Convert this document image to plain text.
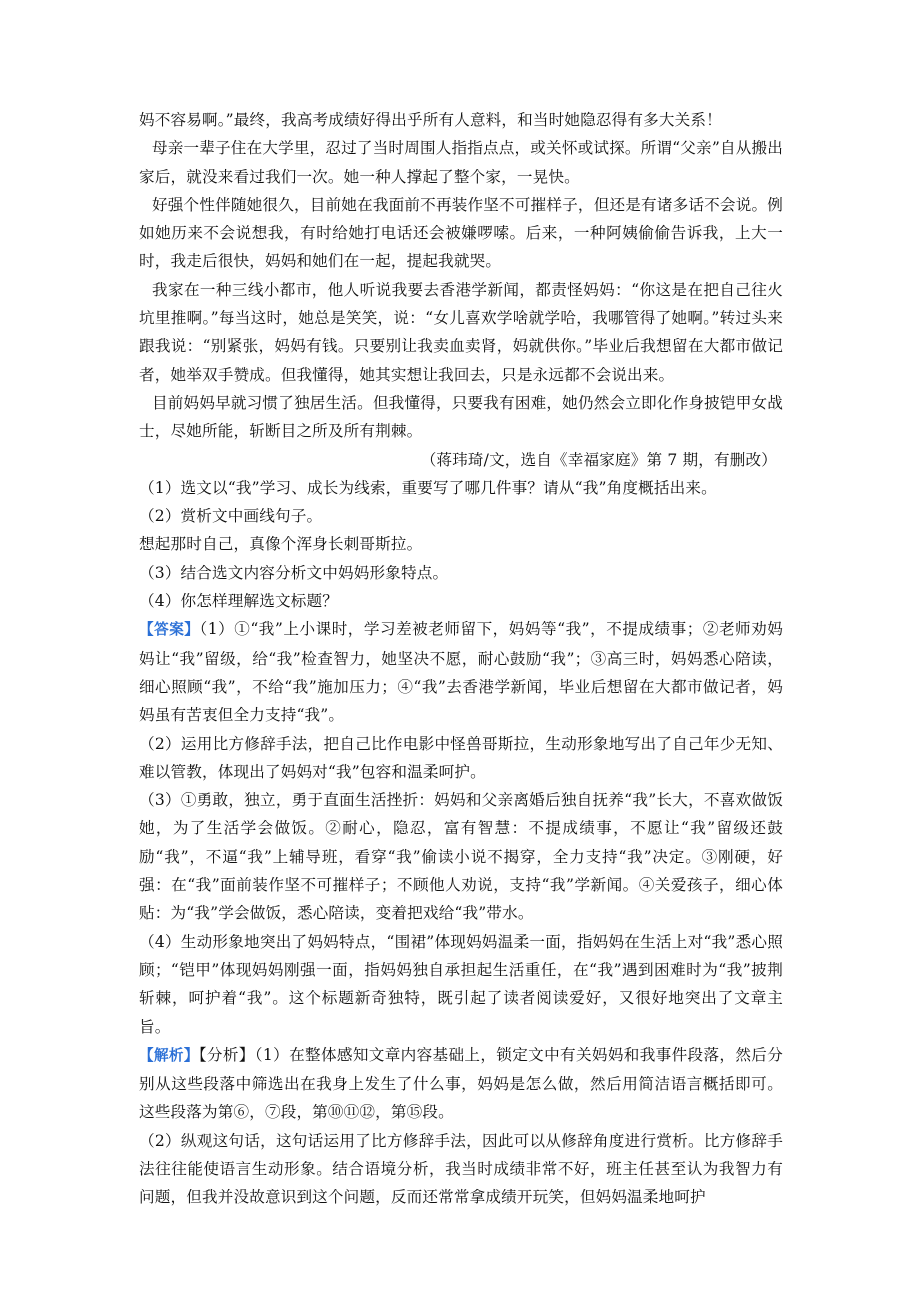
妈不容易啊。”最终，我高考成绩好得出乎所有人意料，和当时她隐忍得有多大关系！

母亲一辈子住在大学里，忍过了当时周围人指指点点，或关怀或试探。所谓“父亲”自从搬出家后，就没来看过我们一次。她一种人撑起了整个家，一晃快。

好强个性伴随她很久，目前她在我面前不再装作坚不可摧样子，但还是有诸多话不会说。例如她历来不会说想我，有时给她打电话还会被嫌啰嗦。后来，一种阿姨偷偷告诉我，上大一时，我走后很快，妈妈和她们在一起，提起我就哭。

我家在一种三线小都市，他人听说我要去香港学新闻，都责怪妈妈：“你这是在把自己往火坑里推啊。”每当这时，她总是笑笑，说：“女儿喜欢学啥就学哈，我哪管得了她啊。”转过头来跟我说：“别紧张，妈妈有钱。只要别让我卖血卖肾，妈就供你。”毕业后我想留在大都市做记者，她举双手赞成。但我懂得，她其实想让我回去，只是永远都不会说出来。

目前妈妈早就习惯了独居生活。但我懂得，只要我有困难，她仍然会立即化作身披铠甲女战士，尽她所能，斩断目之所及所有荆棘。

（蒋玮琦/文，选自《幸福家庭》第 7 期，有删改）

（1）选文以“我”学习、成长为线索，重要写了哪几件事？请从“我”角度概括出来。

（2）赏析文中画线句子。

想起那时自己，真像个浑身长刺哥斯拉。

（3）结合选文内容分析文中妈妈形象特点。

（4）你怎样理解选文标题？

【答案】（1）①“我”上小课时，学习差被老师留下，妈妈等“我”，不提成绩事；②老师劝妈妈让“我”留级，给“我”检查智力，她坚决不愿，耐心鼓励“我”；③高三时，妈妈悉心陪读，细心照顾“我”，不给“我”施加压力；④“我”去香港学新闻，毕业后想留在大都市做记者，妈妈虽有苦衷但全力支持“我”。

（2）运用比方修辞手法，把自己比作电影中怪兽哥斯拉，生动形象地写出了自己年少无知、难以管教，体现出了妈妈对“我”包容和温柔呵护。

（3）①勇敢，独立，勇于直面生活挫折：妈妈和父亲离婚后独自抚养“我”长大，不喜欢做饭她，为了生活学会做饭。②耐心，隐忍，富有智慧：不提成绩事，不愿让“我”留级还鼓励“我”，不逼“我”上辅导班，看穿“我”偷读小说不揭穿，全力支持“我”决定。③刚硬，好强：在“我”面前装作坚不可摧样子；不顾他人劝说，支持“我”学新闻。④关爱孩子，细心体贴：为“我”学会做饭，悉心陪读，变着把戏给“我”带水。

（4）生动形象地突出了妈妈特点，“围裙”体现妈妈温柔一面，指妈妈在生活上对“我”悉心照顾；“铠甲”体现妈妈刚强一面，指妈妈独自承担起生活重任，在“我”遇到困难时为“我”披荆斩棘，呵护着“我”。这个标题新奇独特，既引起了读者阅读爱好，又很好地突出了文章主旨。

【解析】【分析】（1）在整体感知文章内容基础上，锁定文中有关妈妈和我事件段落，然后分别从这些段落中筛选出在我身上发生了什么事，妈妈是怎么做，然后用简洁语言概括即可。这些段落为第⑥，⑦段，第⑩⑪⑫，第⑮段。

（2）纵观这句话，这句话运用了比方修辞手法，因此可以从修辞角度进行赏析。比方修辞手法往往能使语言生动形象。结合语境分析，我当时成绩非常不好，班主任甚至认为我智力有问题，但我并没故意识到这个问题，反而还常常拿成绩开玩笑，但妈妈温柔地呵护
